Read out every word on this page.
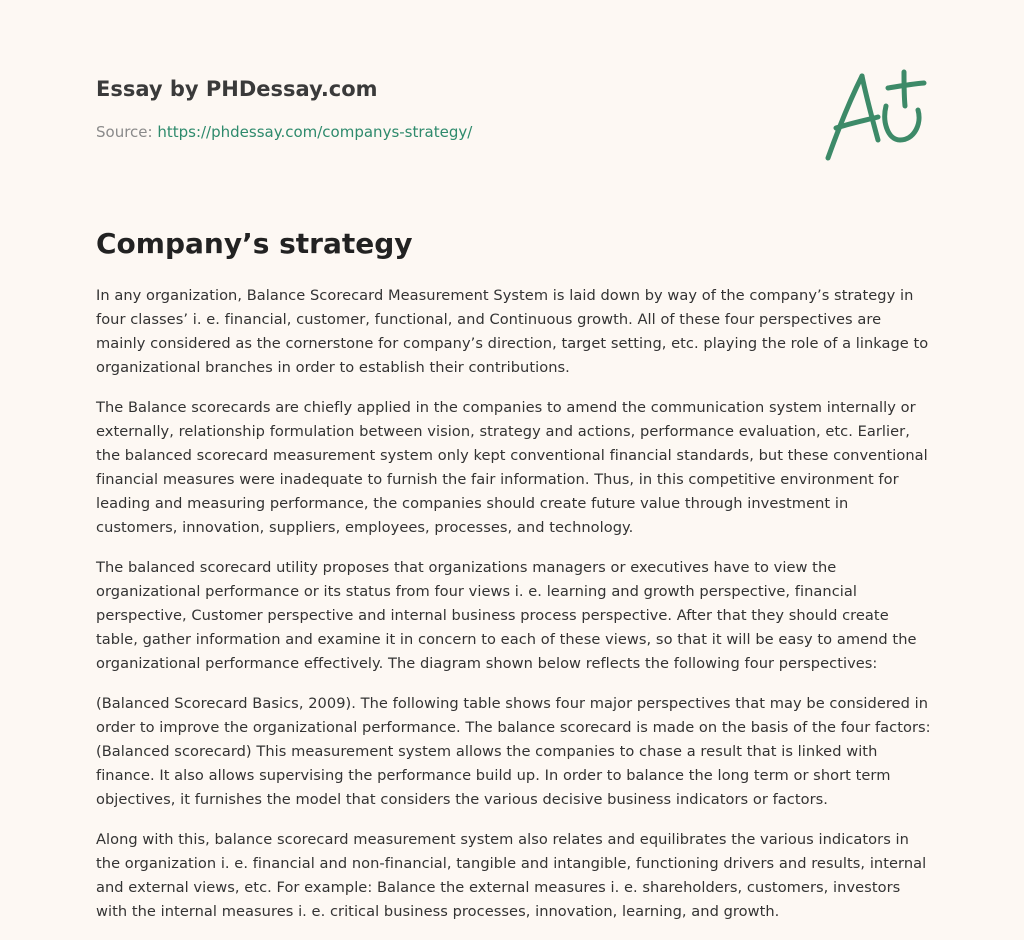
Essay by PHDessay.com
Source: https://phdessay.com/companys-strategy/
Company’s strategy

In any organization, Balance Scorecard Measurement System is laid down by way of the company’s strategy in four classes’ i. e. financial, customer, functional, and Continuous growth. All of these four perspectives are mainly considered as the cornerstone for company’s direction, target setting, etc. playing the role of a linkage to organizational branches in order to establish their contributions.

The Balance scorecards are chiefly applied in the companies to amend the communication system internally or externally, relationship formulation between vision, strategy and actions, performance evaluation, etc. Earlier, the balanced scorecard measurement system only kept conventional financial standards, but these conventional financial measures were inadequate to furnish the fair information. Thus, in this competitive environment for leading and measuring performance, the companies should create future value through investment in customers, innovation, suppliers, employees, processes, and technology.

The balanced scorecard utility proposes that organizations managers or executives have to view the organizational performance or its status from four views i. e. learning and growth perspective, financial perspective, Customer perspective and internal business process perspective. After that they should create table, gather information and examine it in concern to each of these views, so that it will be easy to amend the organizational performance effectively. The diagram shown below reflects the following four perspectives:

(Balanced Scorecard Basics, 2009). The following table shows four major perspectives that may be considered in order to improve the organizational performance. The balance scorecard is made on the basis of the four factors: (Balanced scorecard) This measurement system allows the companies to chase a result that is linked with finance. It also allows supervising the performance build up. In order to balance the long term or short term objectives, it furnishes the model that considers the various decisive business indicators or factors.

Along with this, balance scorecard measurement system also relates and equilibrates the various indicators in the organization i. e. financial and non-financial, tangible and intangible, functioning drivers and results, internal and external views, etc. For example: Balance the external measures i. e. shareholders, customers, investors with the internal measures i. e. critical business processes, innovation, learning, and growth.
